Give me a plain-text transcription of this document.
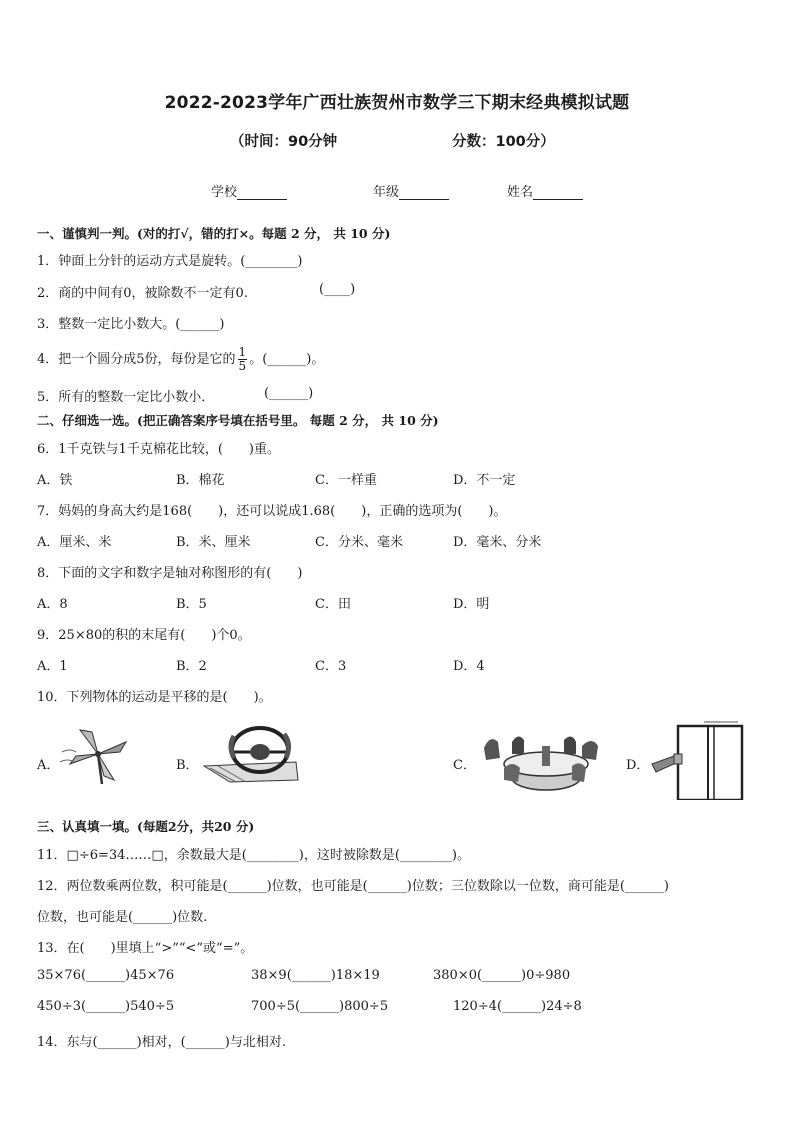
2022-2023学年广西壮族贺州市数学三下期末经典模拟试题
（时间：90分钟	分数：100分）
学校	年级	姓名
一、谨慎判一判。(对的打√，错的打×。每题 2 分， 共 10 分)
1．钟面上分针的运动方式是旋转。(________)
2．商的中间有0，被除数不一定有0.	(____)
3．整数一定比小数大。(______)
4．把一个圆分成5份，每份是它的 $\frac{1}{5}$ 。(______)。
5．所有的整数一定比小数小．	(______)
二、仔细选一选。(把正确答案序号填在括号里。 每题 2 分， 共 10 分)
6．1千克铁与1千克棉花比较，(　　)重。
A．铁	B．棉花	C．一样重	D．不一定
7．妈妈的身高大约是168(　　)，还可以说成1.68(　　)，正确的选项为(　　)。
A．厘米、米	B．米、厘米	C．分米、毫米	D．毫米、分米
8．下面的文字和数字是轴对称图形的有(　　)
A．8	B．5	C．田	D．明
9．25×80的积的末尾有(　　)个0。
A．1	B．2	C．3	D．4
10．下列物体的运动是平移的是(　　)。
A．	B．	C．	D．
三、认真填一填。(每题2分，共20 分)
11．□÷6=34……□，余数最大是(________)，这时被除数是(________)。
12．两位数乘两位数，积可能是(______)位数，也可能是(______)位数；三位数除以一位数，商可能是(______)
位数，也可能是(______)位数.
13．在(　　)里填上“>”“<”或“=”。
35×76(______)45×76	38×9(______)18×19	380×0(______)0÷980
450÷3(______)540÷5	700÷5(______)800÷5	120÷4(______)24÷8
14．东与(______)相对，(______)与北相对.
